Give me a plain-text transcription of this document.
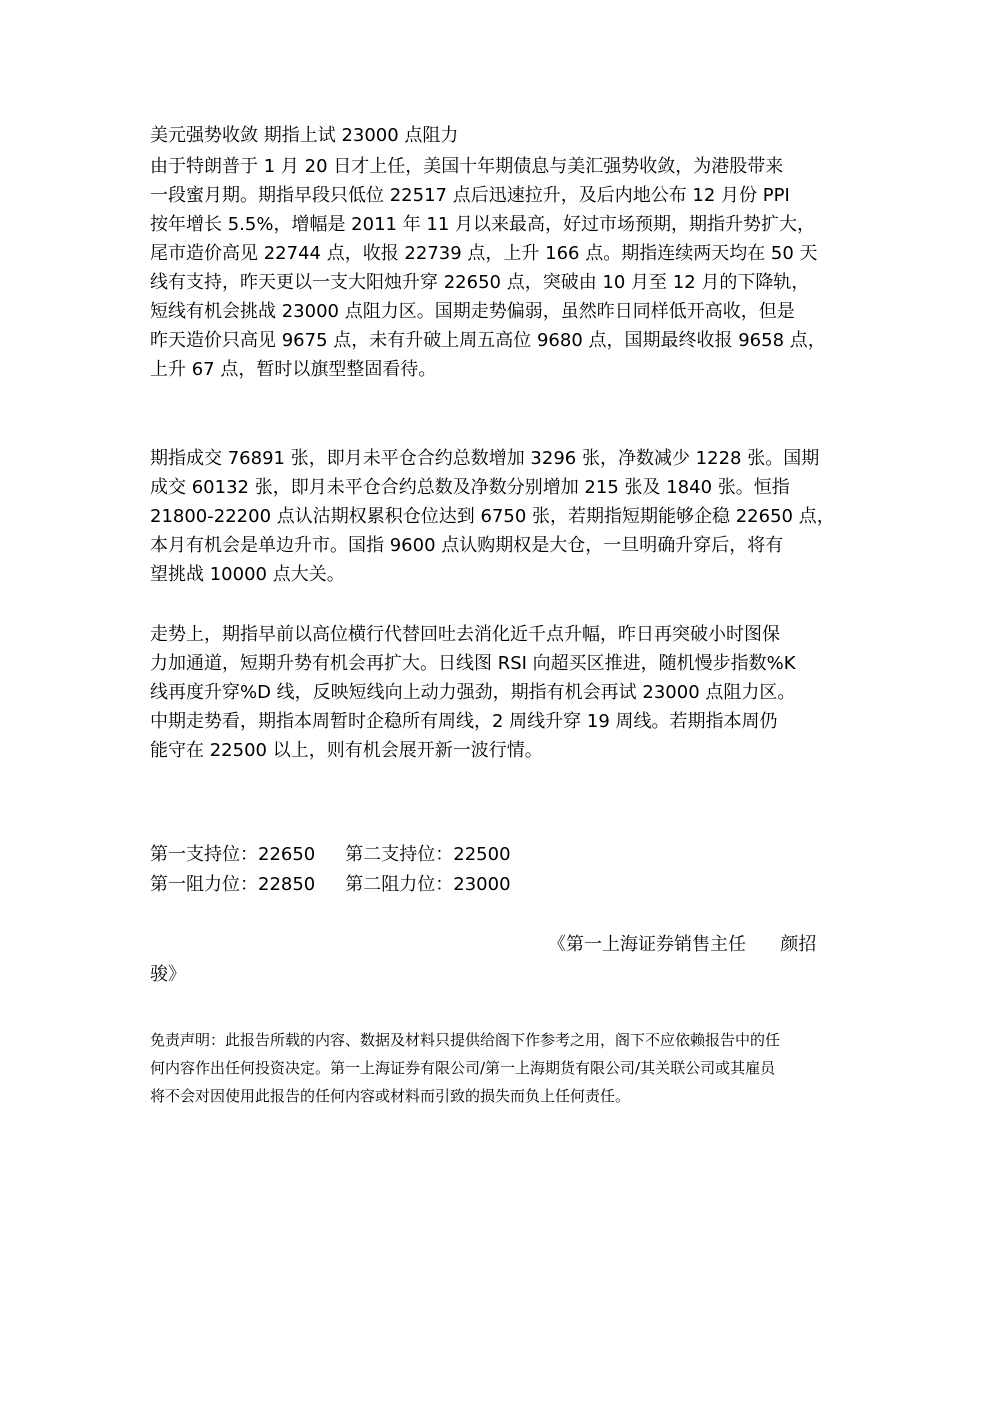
美元强势收敛 期指上试 23000 点阻力
由于特朗普于 1 月 20 日才上任，美国十年期债息与美汇强势收敛，为港股带来
一段蜜月期。期指早段只低位 22517 点后迅速拉升，及后内地公布 12 月份 PPI
按年增长 5.5%，增幅是 2011 年 11 月以来最高，好过市场预期，期指升势扩大，
尾市造价高见 22744 点，收报 22739 点，上升 166 点。期指连续两天均在 50 天
线有支持，昨天更以一支大阳烛升穿 22650 点，突破由 10 月至 12 月的下降轨，
短线有机会挑战 23000 点阻力区。国期走势偏弱，虽然昨日同样低开高收，但是
昨天造价只高见 9675 点，未有升破上周五高位 9680 点，国期最终收报 9658 点，
上升 67 点，暂时以旗型整固看待。
期指成交 76891 张，即月未平仓合约总数增加 3296 张，净数减少 1228 张。国期
成交 60132 张，即月未平仓合约总数及净数分别增加 215 张及 1840 张。恒指
21800-22200 点认沽期权累积仓位达到 6750 张，若期指短期能够企稳 22650 点，
本月有机会是单边升市。国指 9600 点认购期权是大仓，一旦明确升穿后，将有
望挑战 10000 点大关。
走势上，期指早前以高位横行代替回吐去消化近千点升幅，昨日再突破小时图保
力加通道，短期升势有机会再扩大。日线图 RSI 向超买区推进，随机慢步指数%K
线再度升穿%D 线，反映短线向上动力强劲，期指有机会再试 23000 点阻力区。
中期走势看，期指本周暂时企稳所有周线，2 周线升穿 19 周线。若期指本周仍
能守在 22500 以上，则有机会展开新一波行情。
第一支持位：22650 第二支持位：22500
第一阻力位：22850 第二阻力位：23000
《第一上海证券销售主任      颜招
骏》
免责声明：此报告所载的内容、数据及材料只提供给阁下作参考之用，阁下不应依赖报告中的任
何内容作出任何投资决定。第一上海证券有限公司/第一上海期货有限公司/其关联公司或其雇员
将不会对因使用此报告的任何内容或材料而引致的损失而负上任何责任。
